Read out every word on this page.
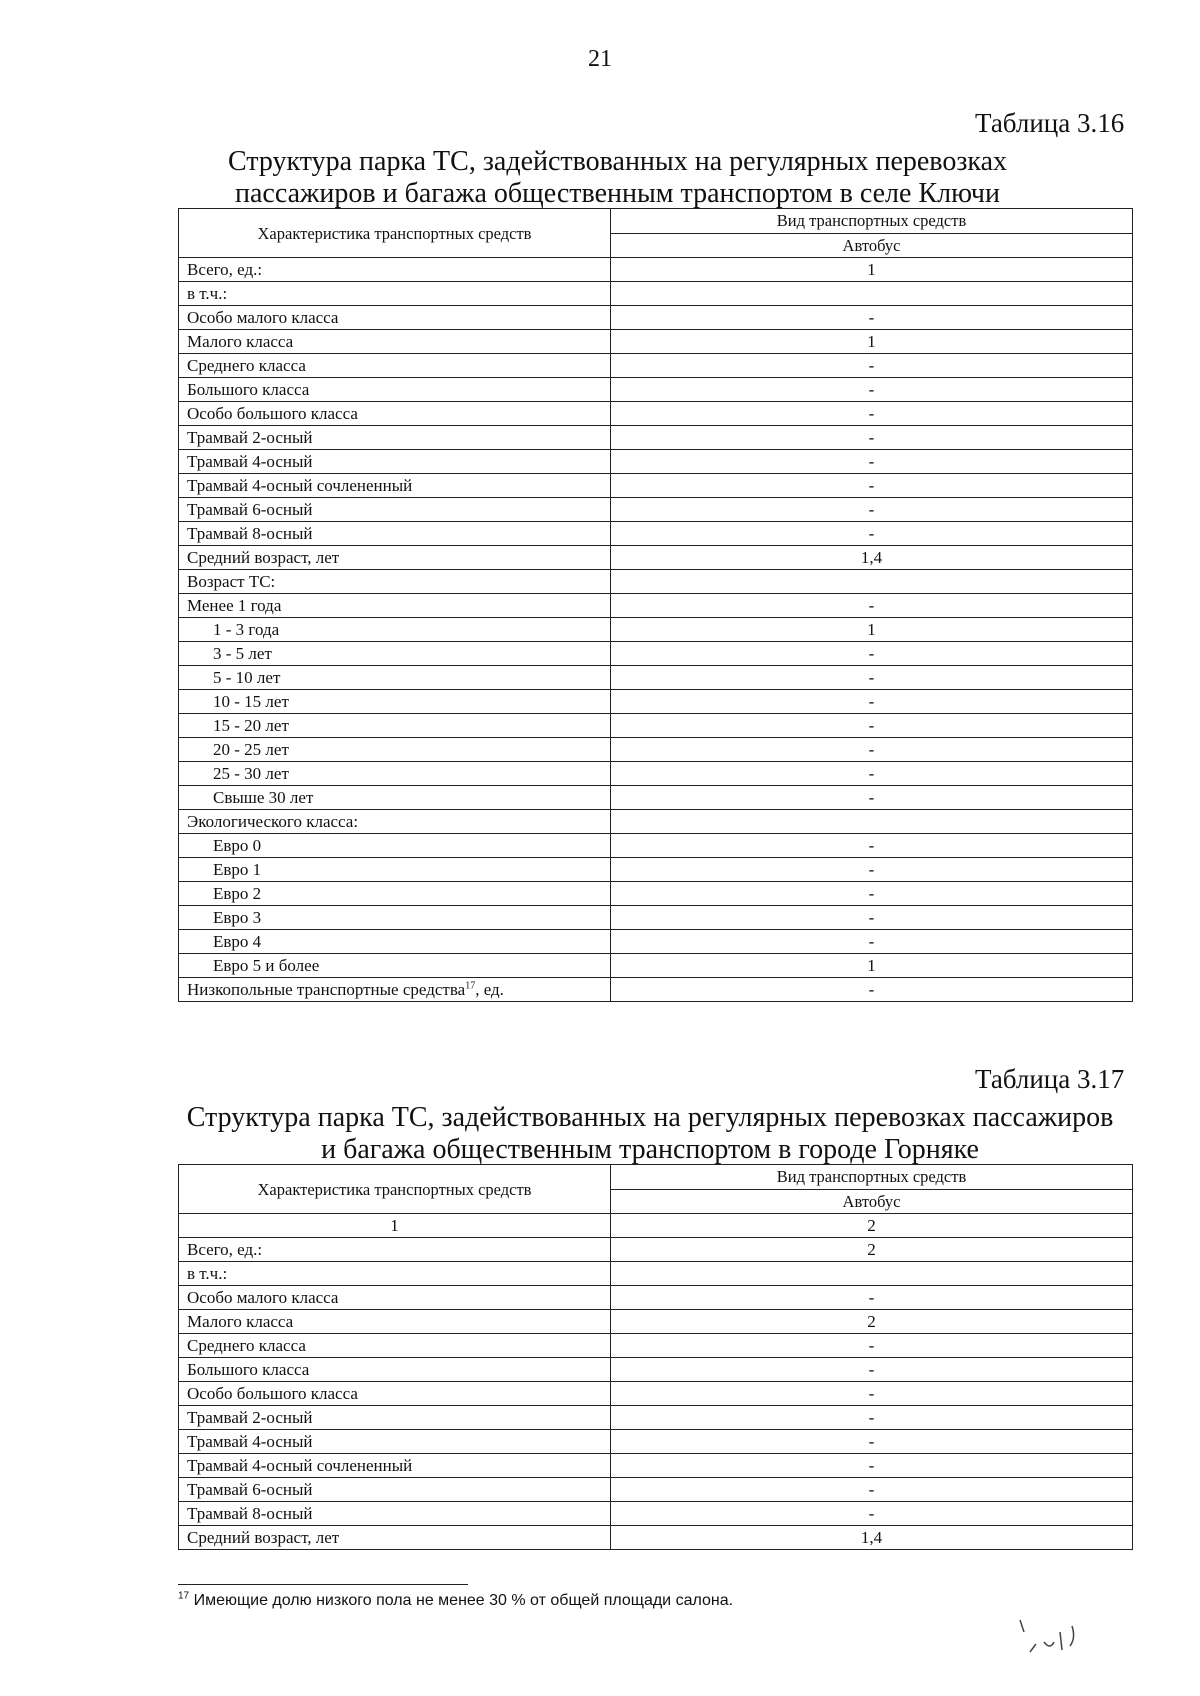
21
Таблица 3.16
Структура парка ТС, задействованных на регулярных перевозках
пассажиров и багажа общественным транспортом в селе Ключи
Характеристика транспортных средств	Вид транспортных средств
	Автобус
Всего, ед.:	1
в т.ч.:	
Особо малого класса	-
Малого класса	1
Среднего класса	-
Большого класса	-
Особо большого класса	-
Трамвай 2-осный	-
Трамвай 4-осный	-
Трамвай 4-осный сочлененный	-
Трамвай 6-осный	-
Трамвай 8-осный	-
Средний возраст, лет	1,4
Возраст ТС:	
Менее 1 года	-
1 - 3 года	1
3 - 5 лет	-
5 - 10 лет	-
10 - 15 лет	-
15 - 20 лет	-
20 - 25 лет	-
25 - 30 лет	-
Свыше 30 лет	-
Экологического класса:	
Евро 0	-
Евро 1	-
Евро 2	-
Евро 3	-
Евро 4	-
Евро 5 и более	1
Низкопольные транспортные средства$^{17}$, ед.	-
Таблица 3.17
Структура парка ТС, задействованных на регулярных перевозках пассажиров
и багажа общественным транспортом в городе Горняке
Характеристика транспортных средств	Вид транспортных средств
	Автобус
1	2
Всего, ед.:	2
в т.ч.:	
Особо малого класса	-
Малого класса	2
Среднего класса	-
Большого класса	-
Особо большого класса	-
Трамвай 2-осный	-
Трамвай 4-осный	-
Трамвай 4-осный сочлененный	-
Трамвай 6-осный	-
Трамвай 8-осный	-
Средний возраст, лет	1,4
$^{17}$ Имеющие долю низкого пола не менее 30 % от общей площади салона.
